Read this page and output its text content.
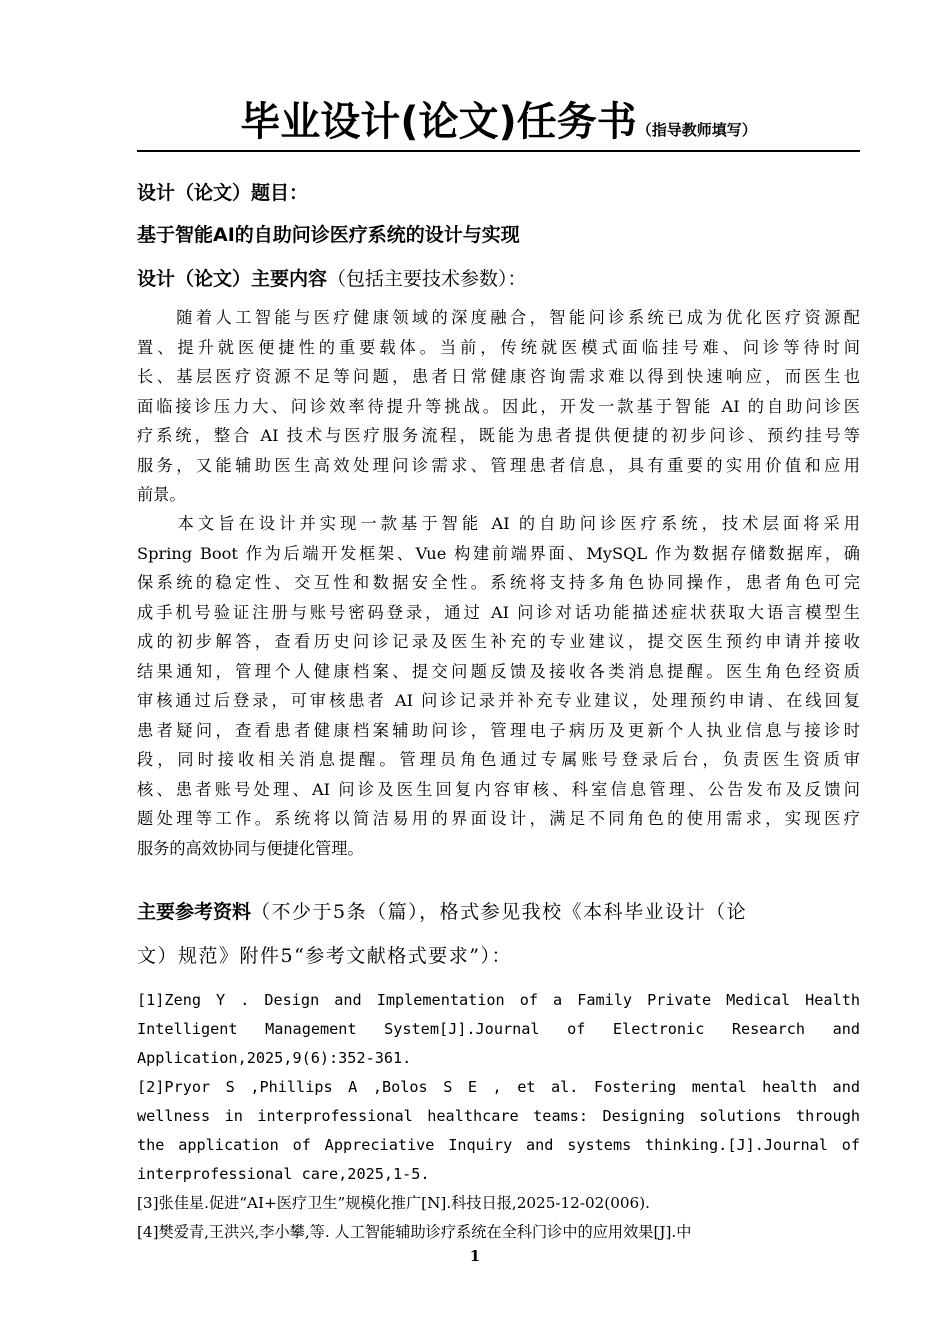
毕业设计(论文)任务书（指导教师填写）
设计（论文）题目：
基于智能AI的自助问诊医疗系统的设计与实现
设计（论文）主要内容（包括主要技术参数）：
　　随着人工智能与医疗健康领域的深度融合，智能问诊系统已成为优化医疗资源配
置、提升就医便捷性的重要载体。当前，传统就医模式面临挂号难、问诊等待时间
长、基层医疗资源不足等问题，患者日常健康咨询需求难以得到快速响应，而医生也
面临接诊压力大、问诊效率待提升等挑战。因此，开发一款基于智能 AI 的自助问诊医
疗系统，整合 AI 技术与医疗服务流程，既能为患者提供便捷的初步问诊、预约挂号等
服务，又能辅助医生高效处理问诊需求、管理患者信息，具有重要的实用价值和应用
前景。
　　本文旨在设计并实现一款基于智能 AI 的自助问诊医疗系统，技术层面将采用
Spring Boot 作为后端开发框架、Vue 构建前端界面、MySQL 作为数据存储数据库，确
保系统的稳定性、交互性和数据安全性。系统将支持多角色协同操作，患者角色可完
成手机号验证注册与账号密码登录，通过 AI 问诊对话功能描述症状获取大语言模型生
成的初步解答，查看历史问诊记录及医生补充的专业建议，提交医生预约申请并接收
结果通知，管理个人健康档案、提交问题反馈及接收各类消息提醒。医生角色经资质
审核通过后登录，可审核患者 AI 问诊记录并补充专业建议，处理预约申请、在线回复
患者疑问，查看患者健康档案辅助问诊，管理电子病历及更新个人执业信息与接诊时
段，同时接收相关消息提醒。管理员角色通过专属账号登录后台，负责医生资质审
核、患者账号处理、AI 问诊及医生回复内容审核、科室信息管理、公告发布及反馈问
题处理等工作。系统将以简洁易用的界面设计，满足不同角色的使用需求，实现医疗
服务的高效协同与便捷化管理。
主要参考资料（不少于5条（篇），格式参见我校《本科毕业设计（论
文）规范》附件5“参考文献格式要求”）：
[1]Zeng Y . Design and Implementation of a Family Private Medical Health
Intelligent Management System[J].Journal of Electronic Research and
Application,2025,9(6):352-361.
[2]Pryor S ,Phillips A ,Bolos S E , et al. Fostering mental health and
wellness in interprofessional healthcare teams: Designing solutions through
the application of Appreciative Inquiry and systems thinking.[J].Journal of
interprofessional care,2025,1-5.
[3]张佳星.促进“AI+医疗卫生”规模化推广[N].科技日报,2025-12-02(006).
[4]樊爱青,王洪兴,李小攀,等. 人工智能辅助诊疗系统在全科门诊中的应用效果[J].中
1
